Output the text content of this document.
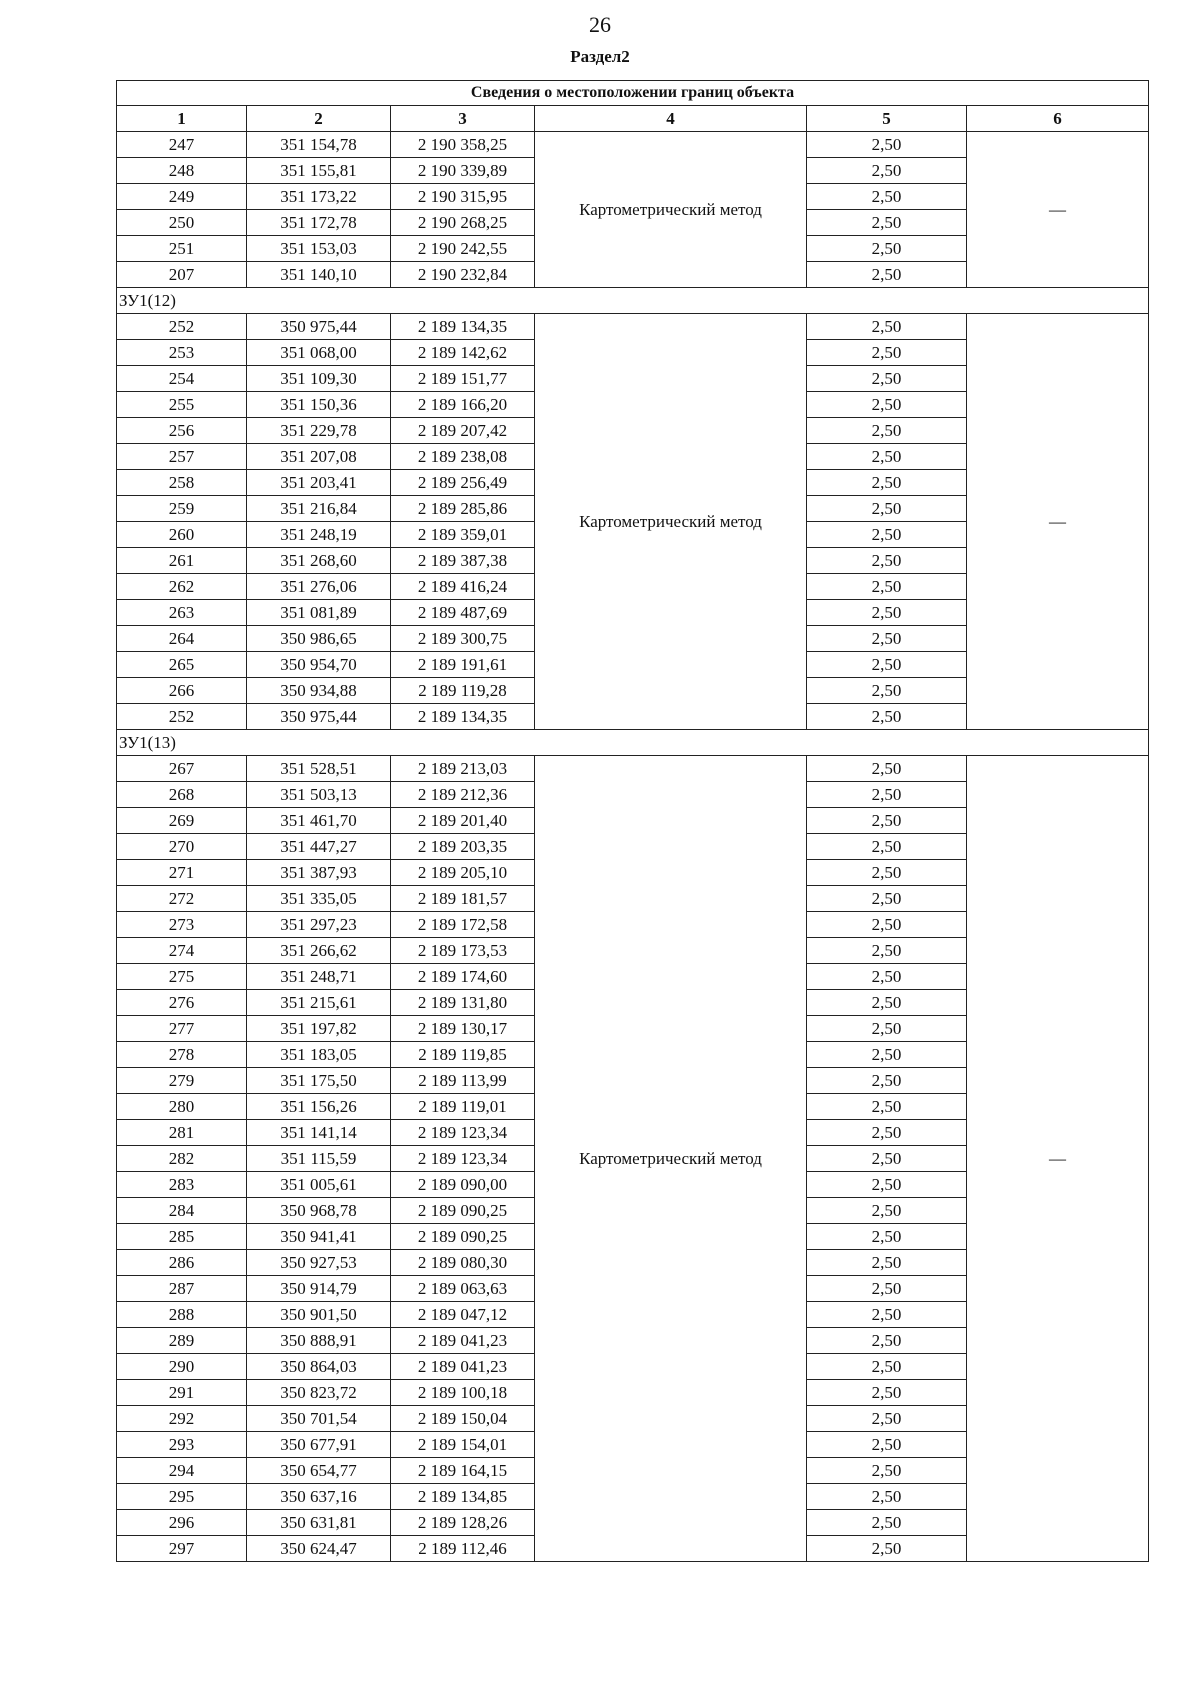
26
Раздел2
Сведения о местоположении границ объекта					
1	2	3	4	5	6
247	351 154,78	2 190 358,25	Картометрический метод	2,50	—
248	351 155,81	2 190 339,89		2,50	
249	351 173,22	2 190 315,95		2,50	
250	351 172,78	2 190 268,25		2,50	
251	351 153,03	2 190 242,55		2,50	
207	351 140,10	2 190 232,84		2,50	
ЗУ1(12)					
252	350 975,44	2 189 134,35	Картометрический метод	2,50	—
253	351 068,00	2 189 142,62		2,50	
254	351 109,30	2 189 151,77		2,50	
255	351 150,36	2 189 166,20		2,50	
256	351 229,78	2 189 207,42		2,50	
257	351 207,08	2 189 238,08		2,50	
258	351 203,41	2 189 256,49		2,50	
259	351 216,84	2 189 285,86		2,50	
260	351 248,19	2 189 359,01		2,50	
261	351 268,60	2 189 387,38		2,50	
262	351 276,06	2 189 416,24		2,50	
263	351 081,89	2 189 487,69		2,50	
264	350 986,65	2 189 300,75		2,50	
265	350 954,70	2 189 191,61		2,50	
266	350 934,88	2 189 119,28		2,50	
252	350 975,44	2 189 134,35		2,50	
ЗУ1(13)					
267	351 528,51	2 189 213,03	Картометрический метод	2,50	—
268	351 503,13	2 189 212,36		2,50	
269	351 461,70	2 189 201,40		2,50	
270	351 447,27	2 189 203,35		2,50	
271	351 387,93	2 189 205,10		2,50	
272	351 335,05	2 189 181,57		2,50	
273	351 297,23	2 189 172,58		2,50	
274	351 266,62	2 189 173,53		2,50	
275	351 248,71	2 189 174,60		2,50	
276	351 215,61	2 189 131,80		2,50	
277	351 197,82	2 189 130,17		2,50	
278	351 183,05	2 189 119,85		2,50	
279	351 175,50	2 189 113,99		2,50	
280	351 156,26	2 189 119,01		2,50	
281	351 141,14	2 189 123,34		2,50	
282	351 115,59	2 189 123,34		2,50	
283	351 005,61	2 189 090,00		2,50	
284	350 968,78	2 189 090,25		2,50	
285	350 941,41	2 189 090,25		2,50	
286	350 927,53	2 189 080,30		2,50	
287	350 914,79	2 189 063,63		2,50	
288	350 901,50	2 189 047,12		2,50	
289	350 888,91	2 189 041,23		2,50	
290	350 864,03	2 189 041,23		2,50	
291	350 823,72	2 189 100,18		2,50	
292	350 701,54	2 189 150,04		2,50	
293	350 677,91	2 189 154,01		2,50	
294	350 654,77	2 189 164,15		2,50	
295	350 637,16	2 189 134,85		2,50	
296	350 631,81	2 189 128,26		2,50	
297	350 624,47	2 189 112,46		2,50	
